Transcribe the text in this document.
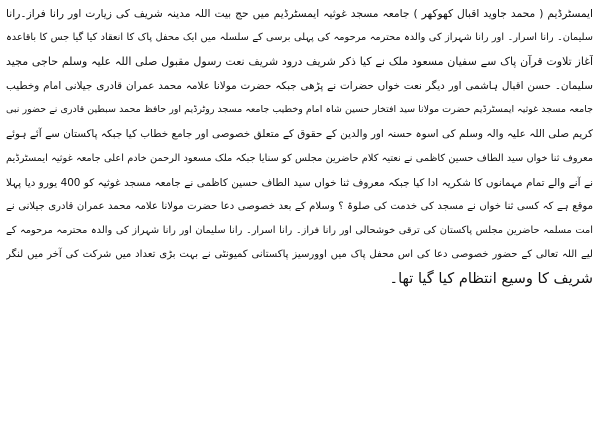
ایمسٹرڈیم ( محمد جاوید اقبال کھوکھر ) جامعہ مسجد غوثیہ ایمسٹرڈیم میں حج بیت اللہ مدینہ شریف کی زیارت اور رانا فراز۔رانا
سلیمان۔ رانا اسرار۔ اور رانا شہراز کی والدہ محترمہ مرحومہ کی پہلی برسی کے سلسلہ میں ایک محفل پاک کا انعقاد کیا گیا جس کا باقاعدہ
آغاز تلاوت قرآن پاک سے سفیان مسعود ملک نے کیا ذکر شریف درود شریف نعت رسول مقبول صلی اللہ علیہ وسلم حاجی مجید
سلیمان۔ حسن اقبال ہاشمی اور دیگر نعت خواں حضرات نے پڑھی جبکہ حضرت مولانا علامہ محمد عمران قادری جیلانی امام وخطیب
جامعہ مسجد غوثیہ ایمسٹرڈیم حضرت مولانا سید افتخار حسین شاہ امام وخطیب جامعہ مسجد روٹرڈیم اور حافظ محمد سبطین قادری نے حضور نبی
کریم صلی اللہ علیہ والہ وسلم کی اسوہ حسنہ اور والدین کے حقوق کے متعلق خصوصی اور جامع خطاب کیا جبکہ پاکستان سے آئے ہوئے
معروف ثنا خواں سید الطاف حسین کاظمی نے نعتیہ کلام حاضرین مجلس کو سنایا جبکہ ملک مسعود الرحمن خادم اعلی جامعہ غوثیہ ایمسٹرڈیم
نے آنے والے تمام مہمانوں کا شکریہ ادا کیا جبکہ معروف ثنا خواں سید الطاف حسین کاظمی نے جامعہ مسجد غوثیہ کو 400 یورو دیا پہلا
موقع ہے کہ کسی ثنا خواں نے مسجد کی خدمت کی صلوۃ ؟ وسلام کے بعد خصوصی دعا حضرت مولانا علامہ محمد عمران قادری جیلانی نے
امت مسلمہ حاضرین مجلس پاکستان کی ترقی خوشحالی اور رانا فراز۔ رانا اسرار۔ رانا سلیمان اور رانا شہراز کی والدہ محترمہ مرحومہ کے
لیے اللہ تعالی کے حضور خصوصی دعا کی اس محفل پاک میں اوورسیز پاکستانی کمیونٹی نے بہت بڑی تعداد میں شرکت کی آخر میں لنگر
شریف کا وسیع انتظام کیا گیا تھا۔
